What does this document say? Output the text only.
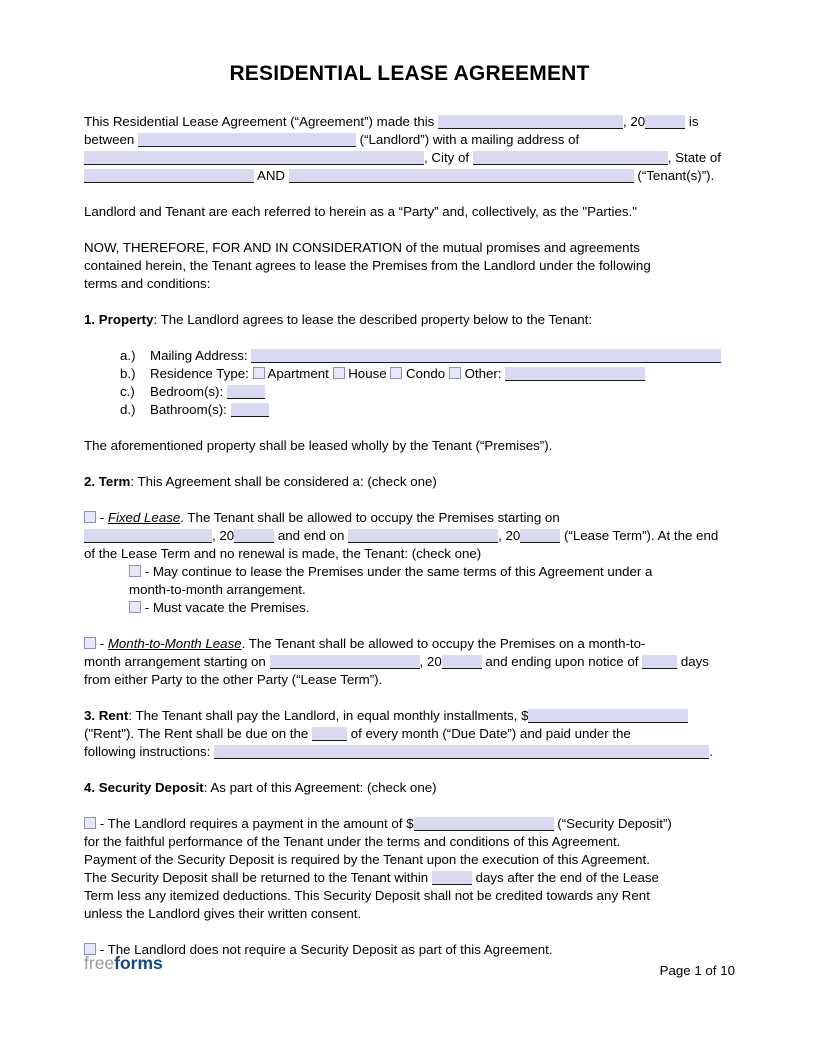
RESIDENTIAL LEASE AGREEMENT

This Residential Lease Agreement (“Agreement”) made this	, 20	is
between	(“Landlord”) with a mailing address of
, City of	, State of
AND	(“Tenant(s)”).

Landlord and Tenant are each referred to herein as a “Party” and, collectively, as the "Parties."

NOW, THEREFORE, FOR AND IN CONSIDERATION of the mutual promises and agreements
contained herein, the Tenant agrees to lease the Premises from the Landlord under the following
terms and conditions:

1. Property: The Landlord agrees to lease the described property below to the Tenant:

a.) Mailing Address:

b.) Residence Type:  Apartment  House  Condo  Other:

c.) Bedroom(s):

d.) Bathroom(s):

The aforementioned property shall be leased wholly by the Tenant (“Premises”).

2. Term: This Agreement shall be considered a: (check one)

- Fixed Lease. The Tenant shall be allowed to occupy the Premises starting on
, 20	and end on	, 20	(“Lease Term”). At the end
of the Lease Term and no renewal is made, the Tenant: (check one)

- May continue to lease the Premises under the same terms of this Agreement under a
month-to-month arrangement.

- Must vacate the Premises.

- Month-to-Month Lease. The Tenant shall be allowed to occupy the Premises on a month-to-
month arrangement starting on	, 20	and ending upon notice of	days
from either Party to the other Party (“Lease Term”).

3. Rent: The Tenant shall pay the Landlord, in equal monthly installments, $
("Rent"). The Rent shall be due on the	of every month (“Due Date”) and paid under the
following instructions:	.

4. Security Deposit: As part of this Agreement: (check one)

- The Landlord requires a payment in the amount of $	(“Security Deposit”)
for the faithful performance of the Tenant under the terms and conditions of this Agreement.
Payment of the Security Deposit is required by the Tenant upon the execution of this Agreement.
The Security Deposit shall be returned to the Tenant within	days after the end of the Lease
Term less any itemized deductions. This Security Deposit shall not be credited towards any Rent
unless the Landlord gives their written consent.

- The Landlord does not require a Security Deposit as part of this Agreement.

freeforms	Page 1 of 10
